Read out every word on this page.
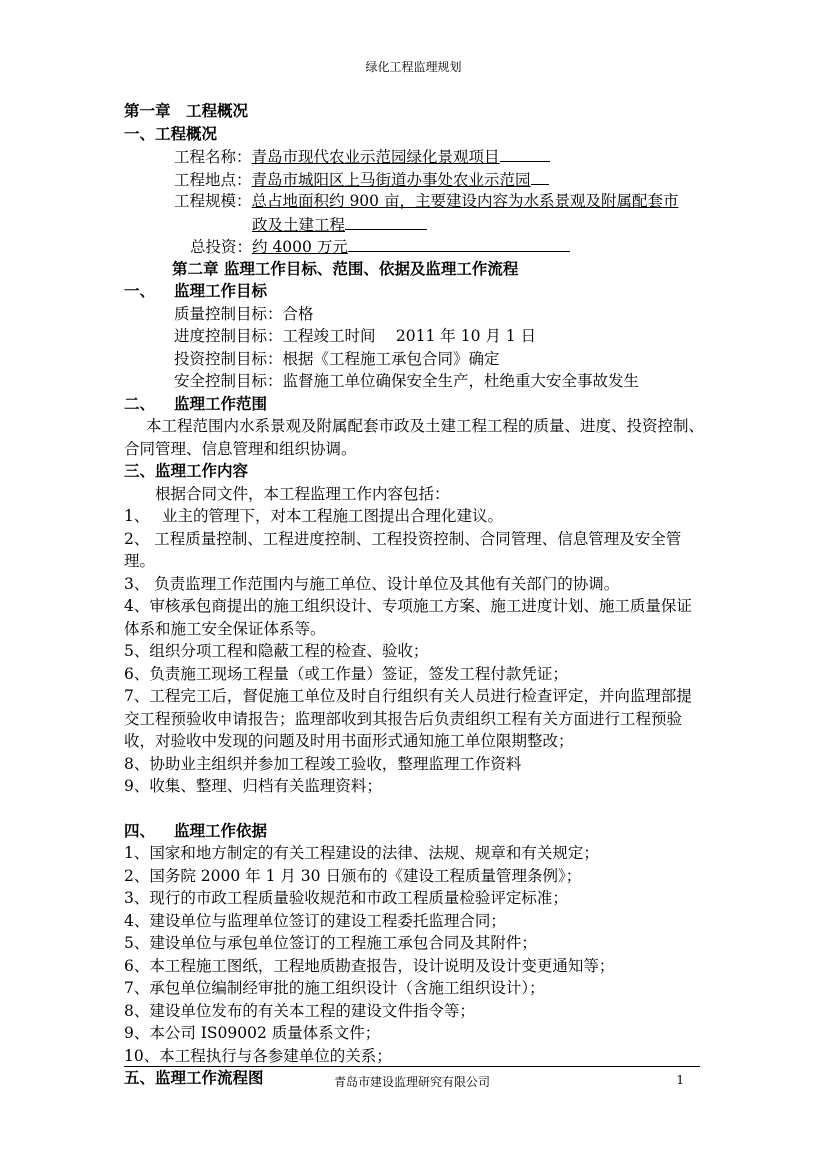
绿化工程监理规划
第一章　工程概况
一、工程概况
工程名称：青岛市现代农业示范园绿化景观项目
工程地点：青岛市城阳区上马街道办事处农业示范园
工程规模：总占地面积约 900 亩，主要建设内容为水系景观及附属配套市
政及土建工程
总投资：约 4000 万元
第二章 监理工作目标、范围、依据及监理工作流程
一、 监理工作目标
质量控制目标：合格
进度控制目标：工程竣工时间　 2011 年 10 月 1 日
投资控制目标：根据《工程施工承包合同》确定
安全控制目标：监督施工单位确保安全生产，杜绝重大安全事故发生
二、 监理工作范围
本工程范围内水系景观及附属配套市政及土建工程工程的质量、进度、投资控制、合同管理、信息管理和组织协调。
三、监理工作内容
根据合同文件，本工程监理工作内容包括：
1、　 业主的管理下，对本工程施工图提出合理化建议。
2、 工程质量控制、工程进度控制、工程投资控制、合同管理、信息管理及安全管理。
3、 负责监理工作范围内与施工单位、设计单位及其他有关部门的协调。
4、审核承包商提出的施工组织设计、专项施工方案、施工进度计划、施工质量保证体系和施工安全保证体系等。
5、组织分项工程和隐蔽工程的检查、验收；
6、负责施工现场工程量（或工作量）签证，签发工程付款凭证；
7、工程完工后，督促施工单位及时自行组织有关人员进行检查评定，并向监理部提交工程预验收申请报告；监理部收到其报告后负责组织工程有关方面进行工程预验收，对验收中发现的问题及时用书面形式通知施工单位限期整改；
8、协助业主组织并参加工程竣工验收，整理监理工作资料
9、收集、整理、归档有关监理资料；
四、 监理工作依据
1、国家和地方制定的有关工程建设的法律、法规、规章和有关规定；
2、国务院 2000 年 1 月 30 日颁布的《建设工程质量管理条例》；
3、现行的市政工程质量验收规范和市政工程质量检验评定标准；
4、建设单位与监理单位签订的建设工程委托监理合同；
5、建设单位与承包单位签订的工程施工承包合同及其附件；
6、本工程施工图纸，工程地质勘查报告，设计说明及设计变更通知等；
7、承包单位编制经审批的施工组织设计（含施工组织设计）；
8、建设单位发布的有关本工程的建设文件指令等；
9、本公司 IS09002 质量体系文件；
10、本工程执行与各参建单位的关系；
五、监理工作流程图	青岛市建设监理研究有限公司	1
